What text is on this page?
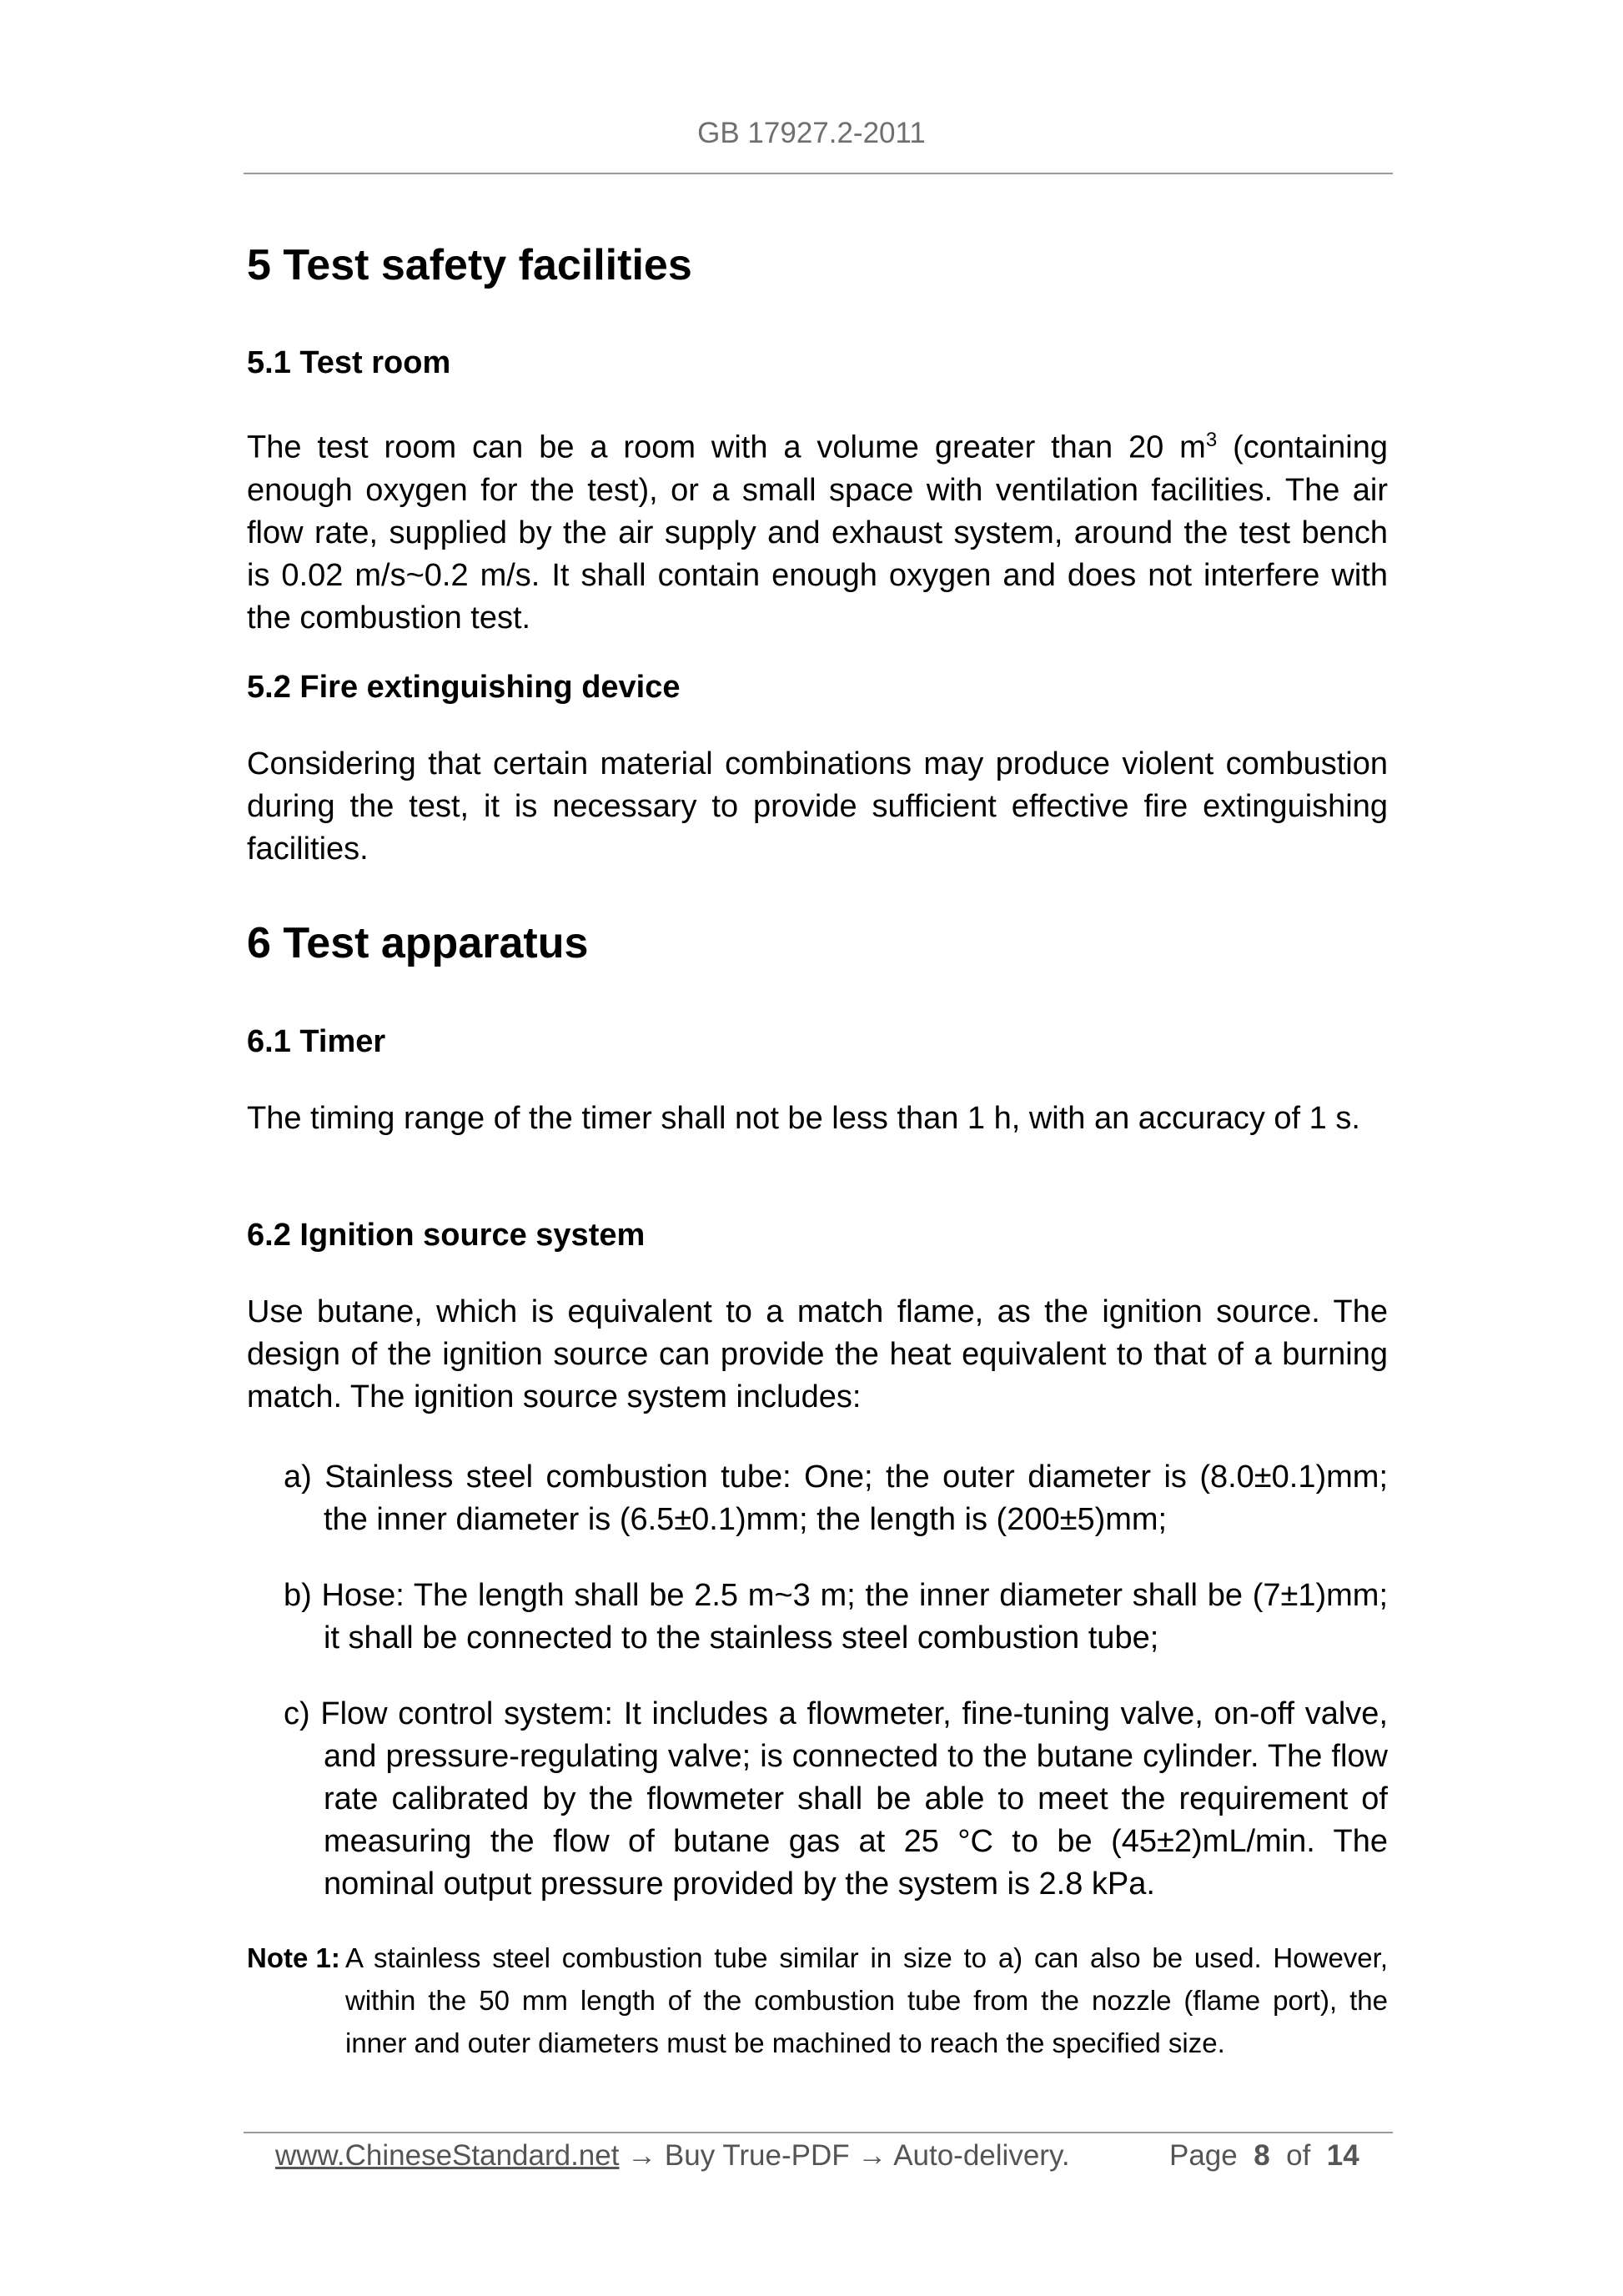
GB 17927.2-2011
5 Test safety facilities
5.1 Test room

The test room can be a room with a volume greater than 20 $m^3$ (containing enough oxygen for the test), or a small space with ventilation facilities. The air flow rate, supplied by the air supply and exhaust system, around the test bench is 0.02 m/s~0.2 m/s. It shall contain enough oxygen and does not interfere with the combustion test.

5.2 Fire extinguishing device

Considering that certain material combinations may produce violent combustion during the test, it is necessary to provide sufficient effective fire extinguishing facilities.

6 Test apparatus
6.1 Timer

The timing range of the timer shall not be less than 1 h, with an accuracy of 1 s.

6.2 Ignition source system

Use butane, which is equivalent to a match flame, as the ignition source. The design of the ignition source can provide the heat equivalent to that of a burning match. The ignition source system includes:

a) Stainless steel combustion tube: One; the outer diameter is (8.0±0.1)mm; the inner diameter is (6.5±0.1)mm; the length is (200±5)mm;

b) Hose: The length shall be 2.5 m~3 m; the inner diameter shall be (7±1)mm; it shall be connected to the stainless steel combustion tube;

c) Flow control system: It includes a flowmeter, fine-tuning valve, on-off valve, and pressure-regulating valve; is connected to the butane cylinder. The flow rate calibrated by the flowmeter shall be able to meet the requirement of measuring the flow of butane gas at 25 °C to be (45±2)mL/min. The nominal output pressure provided by the system is 2.8 kPa.

Note 1: A stainless steel combustion tube similar in size to a) can also be used. However, within the 50 mm length of the combustion tube from the nozzle (flame port), the inner and outer diameters must be machined to reach the specified size.
www.ChineseStandard.net → Buy True-PDF → Auto-delivery.	Page 8 of 14
